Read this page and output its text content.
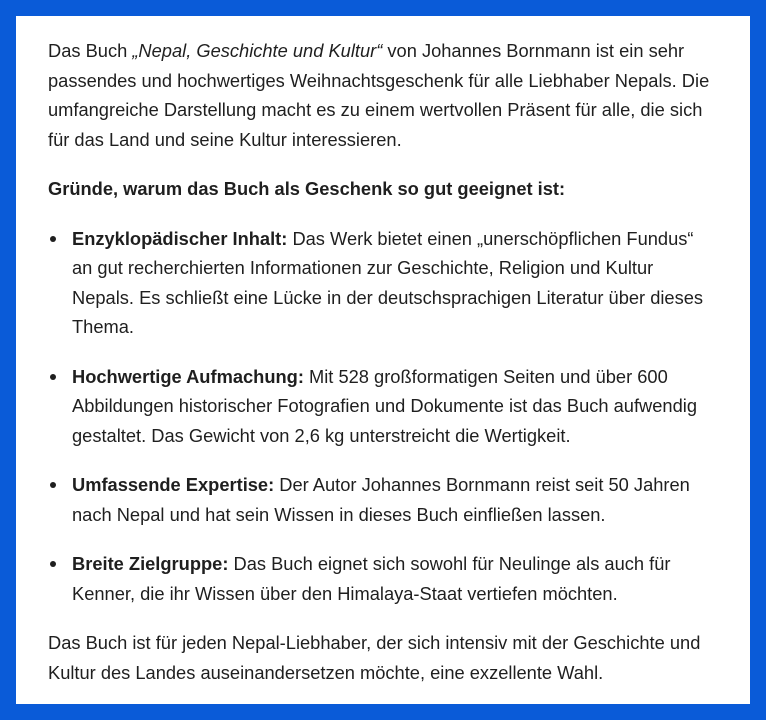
Das Buch „Nepal, Geschichte und Kultur“ von Johannes Bornmann ist ein sehr passendes und hochwertiges Weihnachtsgeschenk für alle Liebhaber Nepals. Die umfangreiche Darstellung macht es zu einem wertvollen Präsent für alle, die sich für das Land und seine Kultur interessieren.

Gründe, warum das Buch als Geschenk so gut geeignet ist:

Enzyklopädischer Inhalt: Das Werk bietet einen „unerschöpflichen Fundus“ an gut recherchierten Informationen zur Geschichte, Religion und Kultur Nepals. Es schließt eine Lücke in der deutschsprachigen Literatur über dieses Thema.
Hochwertige Aufmachung: Mit 528 großformatigen Seiten und über 600 Abbildungen historischer Fotografien und Dokumente ist das Buch aufwendig gestaltet. Das Gewicht von 2,6 kg unterstreicht die Wertigkeit.
Umfassende Expertise: Der Autor Johannes Bornmann reist seit 50 Jahren nach Nepal und hat sein Wissen in dieses Buch einfließen lassen.
Breite Zielgruppe: Das Buch eignet sich sowohl für Neulinge als auch für Kenner, die ihr Wissen über den Himalaya-Staat vertiefen möchten.

Das Buch ist für jeden Nepal-Liebhaber, der sich intensiv mit der Geschichte und Kultur des Landes auseinandersetzen möchte, eine exzellente Wahl.
